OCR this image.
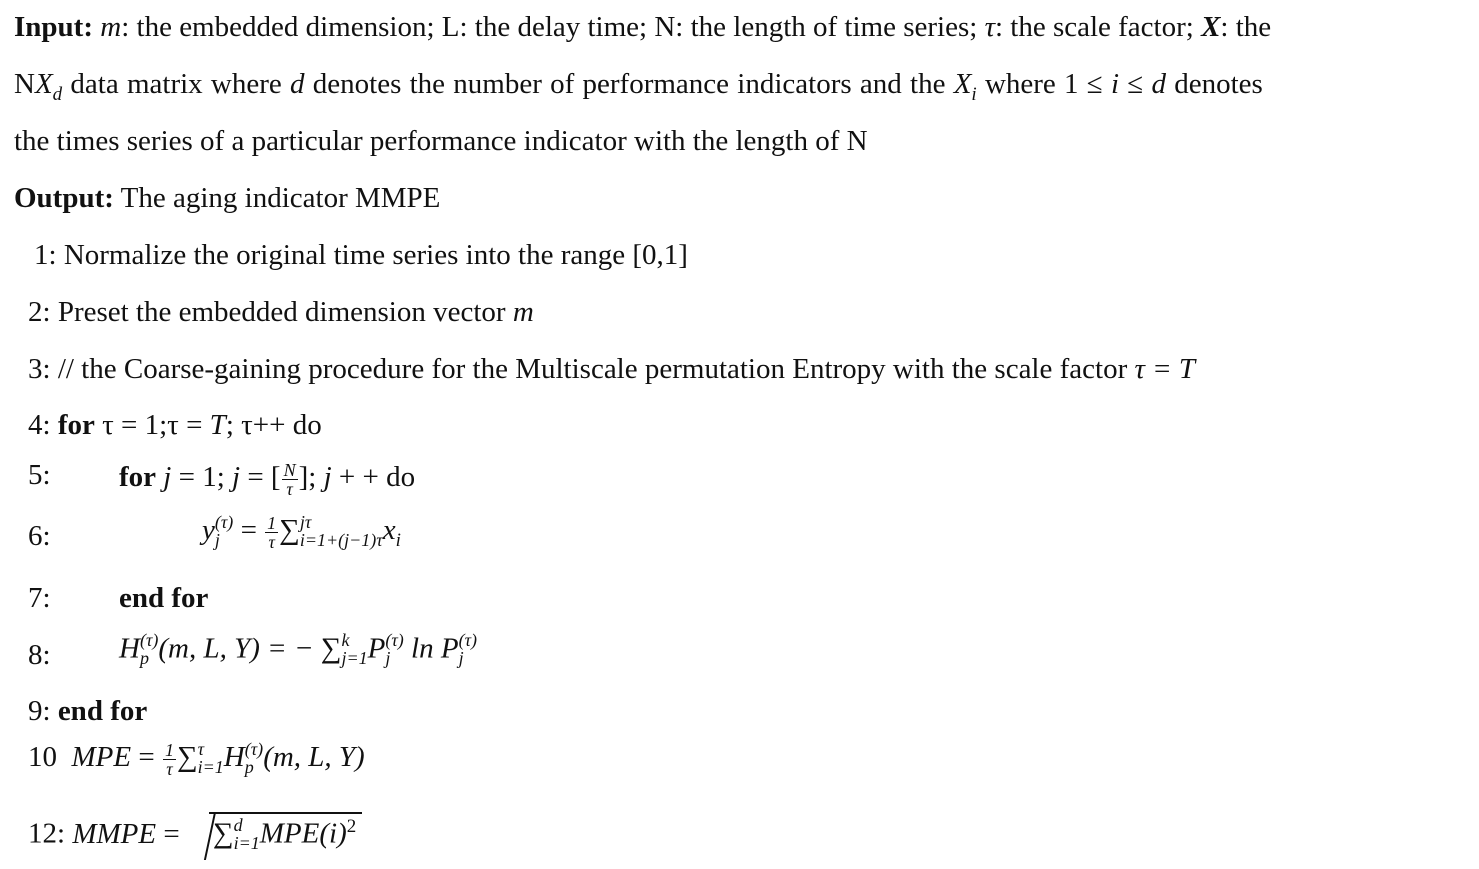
Input: m: the embedded dimension; L: the delay time; N: the length of time series; τ: the scale factor; X: the
$NX_d$ data matrix where d denotes the number of performance indicators and the $X_i$ where 1 ≤ i ≤ d denotes
the times series of a particular performance indicator with the length of N
Output: The aging indicator MMPE
1: Normalize the original time series into the range [0,1]
2: Preset the embedded dimension vector m
3: // the Coarse-gaining procedure for the Multiscale permutation Entropy with the scale factor τ = T
4: for τ = 1;τ = T; τ++ do
5: for j = 1; j = [ $\frac{N}{\tau}$ ]; j + + do
6:	y (τ)
$j = \frac{1}{\tau}$ ∑ jτ
i=1+(j−1)τ $x_i$
7: end for
8: H (τ)
p (m, L, Y) = − ∑ k
j=1 P (τ)
j ln P (τ)
j
9: end for
10 MPE = $\frac{1}{\tau}$ ∑ τ
i=1 H (τ)
p (m, L, Y)
12: MMPE = ∑ d
i=1 $MPE(i)^2$
